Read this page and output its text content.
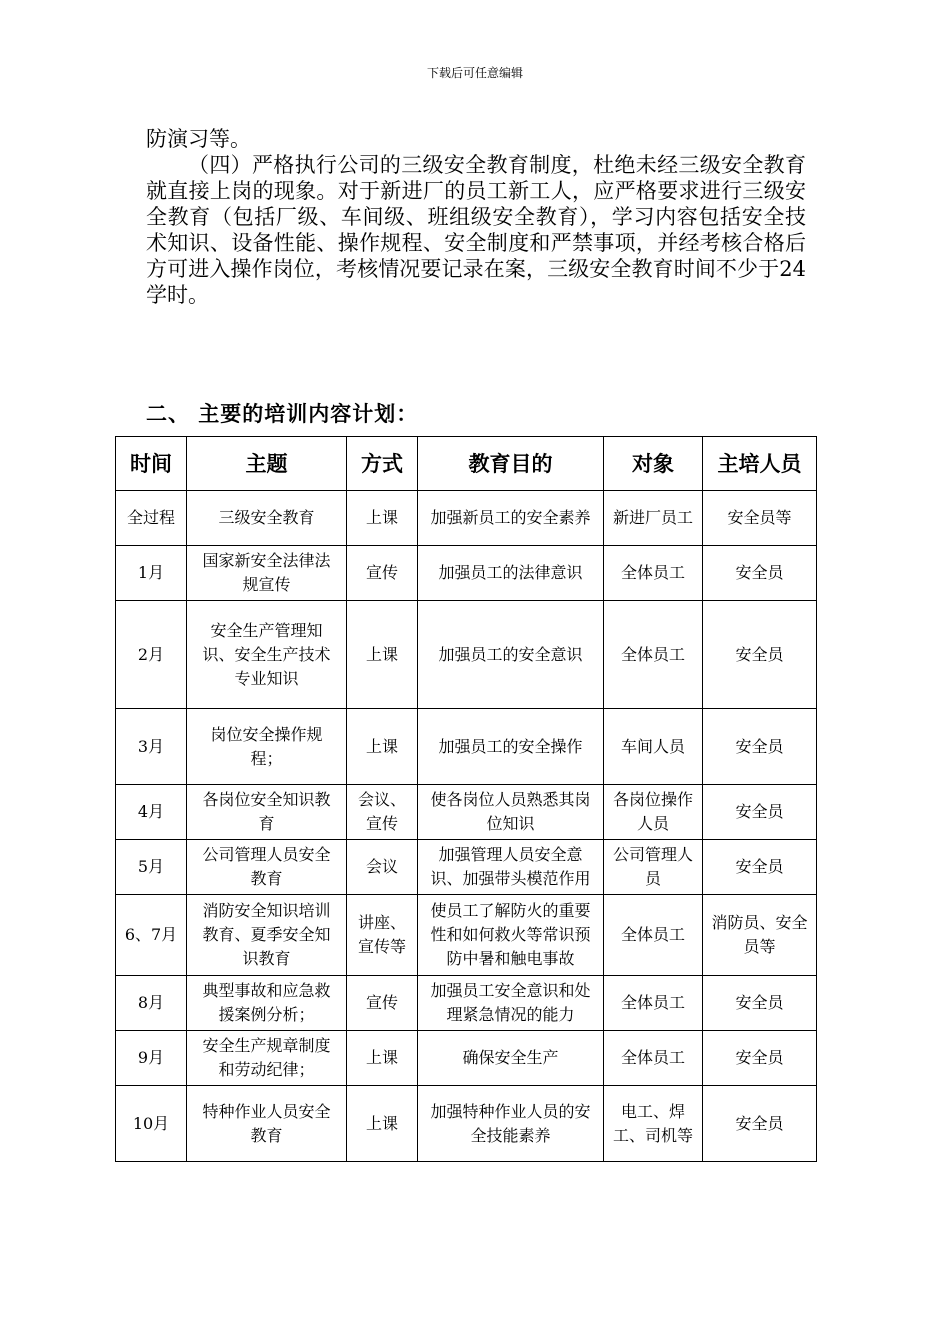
下载后可任意编辑
防演习等。
（四）严格执行公司的三级安全教育制度，杜绝未经三级安全教育就直接上岗的现象。对于新进厂的员工新工人，应严格要求进行三级安全教育（包括厂级、车间级、班组级安全教育），学习内容包括安全技术知识、设备性能、操作规程、安全制度和严禁事项，并经考核合格后方可进入操作岗位，考核情况要记录在案，三级安全教育时间不少于24学时。
二、 主要的培训内容计划：
时间	主题	方式	教育目的	对象	主培人员
全过程	三级安全教育	上课	加强新员工的安全素养	新进厂员工	安全员等
1月	国家新安全法律法规宣传	宣传	加强员工的法律意识	全体员工	安全员
2月	安全生产管理知识、安全生产技术专业知识	上课	加强员工的安全意识	全体员工	安全员
3月	岗位安全操作规程；	上课	加强员工的安全操作	车间人员	安全员
4月	各岗位安全知识教育	会议、宣传	使各岗位人员熟悉其岗位知识	各岗位操作人员	安全员
5月	公司管理人员安全教育	会议	加强管理人员安全意识、加强带头模范作用	公司管理人员	安全员
6、7月	消防安全知识培训教育、夏季安全知识教育	讲座、宣传等	使员工了解防火的重要性和如何救火等常识预防中暑和触电事故	全体员工	消防员、安全员等
8月	典型事故和应急救援案例分析；	宣传	加强员工安全意识和处理紧急情况的能力	全体员工	安全员
9月	安全生产规章制度和劳动纪律；	上课	确保安全生产	全体员工	安全员
10月	特种作业人员安全教育	上课	加强特种作业人员的安全技能素养	电工、焊工、司机等	安全员
